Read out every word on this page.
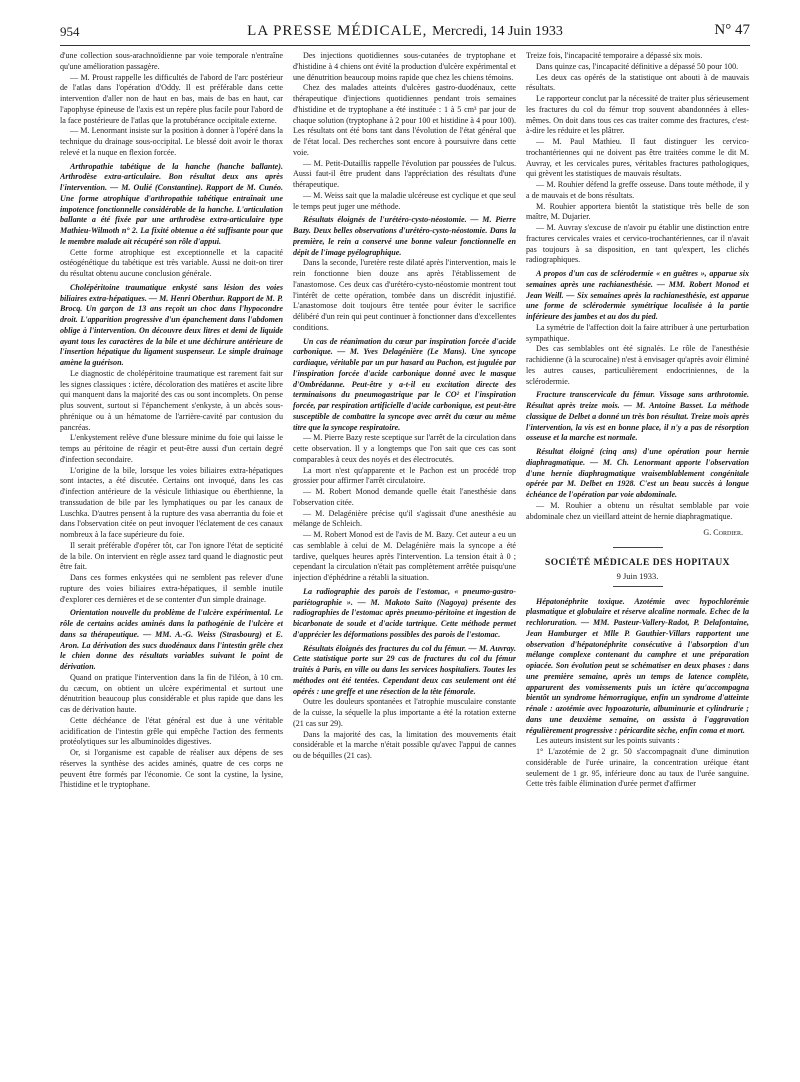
954	LA PRESSE MÉDICALE, Mercredi, 14 Juin 1933	N° 47

d'une collection sous-arachnoïdienne par voie temporale n'entraîne qu'une amélioration passagère.

— M. Proust rappelle les difficultés de l'abord de l'arc postérieur de l'atlas dans l'opération d'Oddy. Il est préférable dans cette intervention d'aller non de haut en bas, mais de bas en haut, car l'apophyse épineuse de l'axis est un repère plus facile pour l'abord de la face postérieure de l'atlas que la protubérance occipitale externe.

— M. Lenormant insiste sur la position à donner à l'opéré dans la technique du drainage sous-occipital. Le blessé doit avoir le thorax relevé et la nuque en flexion forcée.

Arthropathie tabétique de la hanche (hanche ballante). Arthrodèse extra-articulaire. Bon résultat deux ans après l'intervention. — M. Oulié (Constantine). Rapport de M. Cunéo. Une forme atrophique d'arthropathie tabétique entraînait une impotence fonctionnelle considérable de la hanche. L'articulation ballante a été fixée par une arthrodèse extra-articulaire type Mathieu-Wilmoth n° 2. La fixité obtenue a été suffisante pour que le membre malade ait récupéré son rôle d'appui.

Cette forme atrophique est exceptionnelle et la capacité ostéogénétique du tabétique est très variable. Aussi ne doit-on tirer du résultat obtenu aucune conclusion générale.

Cholépéritoine traumatique enkysté sans lésion des voies biliaires extra-hépatiques. — M. Henri Oberthur. Rapport de M. P. Brocq. Un garçon de 13 ans reçoit un choc dans l'hypocondre droit. L'apparition progressive d'un épanchement dans l'abdomen oblige à l'intervention. On découvre deux litres et demi de liquide ayant tous les caractères de la bile et une déchirure antérieure de l'insertion hépatique du ligament suspenseur. Le simple drainage amène la guérison.

Le diagnostic de cholépéritoine traumatique est rarement fait sur les signes classiques : ictère, décoloration des matières et ascite libre qui manquent dans la majorité des cas ou sont incomplets. On pense plus souvent, surtout si l'épanchement s'enkyste, à un abcès sous-phrénique ou à un hématome de l'arrière-cavité par contusion du pancréas.

L'enkystement relève d'une blessure minime du foie qui laisse le temps au péritoine de réagir et peut-être aussi d'un certain degré d'infection secondaire.

L'origine de la bile, lorsque les voies biliaires extra-hépatiques sont intactes, a été discutée. Certains ont invoqué, dans les cas d'infection antérieure de la vésicule lithiasique ou éberthienne, la transsudation de bile par les lymphatiques ou par les canaux de Luschka. D'autres pensent à la rupture des vasa aberrantia du foie et dans l'observation citée on peut invoquer l'éclatement de ces canaux nombreux à la face supérieure du foie.

Il serait préférable d'opérer tôt, car l'on ignore l'état de septicité de la bile. On intervient en règle assez tard quand le diagnostic peut être fait.

Dans ces formes enkystées qui ne semblent pas relever d'une rupture des voies biliaires extra-hépatiques, il semble inutile d'explorer ces dernières et de se contenter d'un simple drainage.

Orientation nouvelle du problème de l'ulcère expérimental. Le rôle de certains acides aminés dans la pathogénie de l'ulcère et dans sa thérapeutique. — MM. A.-G. Weiss (Strasbourg) et E. Aron. La dérivation des sucs duodénaux dans l'intestin grêle chez le chien donne des résultats variables suivant le point de dérivation.

Quand on pratique l'intervention dans la fin de l'iléon, à 10 cm. du cæcum, on obtient un ulcère expérimental et surtout une dénutrition beaucoup plus considérable et plus rapide que dans les cas de dérivation haute.

Cette déchéance de l'état général est due à une véritable acidification de l'intestin grêle qui empêche l'action des ferments protéolytiques sur les albuminoïdes digestives.

Or, si l'organisme est capable de réaliser aux dépens de ses réserves la synthèse des acides aminés, quatre de ces corps ne peuvent être formés par l'économie. Ce sont la cystine, la lysine, l'histidine et le tryptophane.

Des injections quotidiennes sous-cutanées de tryptophane et d'histidine à 4 chiens ont évité la production d'ulcère expérimental et une dénutrition beaucoup moins rapide que chez les chiens témoins.

Chez des malades atteints d'ulcères gastro-duodénaux, cette thérapeutique d'injections quotidiennes pendant trois semaines d'histidine et de tryptophane a été instituée : 1 à 5 cm³ par jour de chaque solution (tryptophane à 2 pour 100 et histidine à 4 pour 100). Les résultats ont été bons tant dans l'évolution de l'état général que de l'état local. Des recherches sont encore à poursuivre dans cette voie.

— M. Petit-Dutaillis rappelle l'évolution par poussées de l'ulcus. Aussi faut-il être prudent dans l'appréciation des résultats d'une thérapeutique.

— M. Weiss sait que la maladie ulcéreuse est cyclique et que seul le temps peut juger une méthode.

Résultats éloignés de l'urétéro-cysto-néostomie. — M. Pierre Bazy. Deux belles observations d'urétéro-cysto-néostomie. Dans la première, le rein a conservé une bonne valeur fonctionnelle en dépit de l'image pyélographique.

Dans la seconde, l'uretère reste dilaté après l'intervention, mais le rein fonctionne bien douze ans après l'établissement de l'anastomose. Ces deux cas d'urétéro-cysto-néostomie montrent tout l'intérêt de cette opération, tombée dans un discrédit injustifié. L'anastomose doit toujours être tentée pour éviter le sacrifice délibéré d'un rein qui peut continuer à fonctionner dans d'excellentes conditions.

Un cas de réanimation du cœur par inspiration forcée d'acide carbonique. — M. Yves Delagénière (Le Mans). Une syncope cardiaque, véritable par un pur hasard au Pachon, est jugulée par l'inspiration forcée d'acide carbonique donné avec le masque d'Ombrédanne. Peut-être y a-t-il eu excitation directe des terminaisons du pneumogastrique par le CO² et l'inspiration forcée, par respiration artificielle d'acide carbonique, est peut-être susceptible de combattre la syncope avec arrêt du cœur au même titre que la syncope respiratoire.

— M. Pierre Bazy reste sceptique sur l'arrêt de la circulation dans cette observation. Il y a longtemps que l'on sait que ces cas sont comparables à ceux des noyés et des électrocutés.

La mort n'est qu'apparente et le Pachon est un procédé trop grossier pour affirmer l'arrêt circulatoire.

— M. Robert Monod demande quelle était l'anesthésie dans l'observation citée.

— M. Delagénière précise qu'il s'agissait d'une anesthésie au mélange de Schleich.

— M. Robert Monod est de l'avis de M. Bazy. Cet auteur a eu un cas semblable à celui de M. Delagénière mais la syncope a été tardive, quelques heures après l'intervention. La tension était à 0 ; cependant la circulation n'était pas complètement arrêtée puisqu'une injection d'éphédrine a rétabli la situation.

La radiographie des parois de l'estomac, « pneumo-gastro-pariétographie ». — M. Makoto Saito (Nagoya) présente des radiographies de l'estomac après pneumo-péritoine et ingestion de bicarbonate de soude et d'acide tartrique. Cette méthode permet d'apprécier les déformations possibles des parois de l'estomac.

Résultats éloignés des fractures du col du fémur. — M. Auvray. Cette statistique porte sur 29 cas de fractures du col du fémur traités à Paris, en ville ou dans les services hospitaliers. Toutes les méthodes ont été tentées. Cependant deux cas seulement ont été opérés : une greffe et une résection de la tête fémorale.

Outre les douleurs spontanées et l'atrophie musculaire constante de la cuisse, la séquelle la plus importante a été la rotation externe (21 cas sur 29).

Dans la majorité des cas, la limitation des mouvements était considérable et la marche n'était possible qu'avec l'appui de cannes ou de béquilles (21 cas).

Treize fois, l'incapacité temporaire a dépassé six mois.

Dans quinze cas, l'incapacité définitive a dépassé 50 pour 100.

Les deux cas opérés de la statistique ont abouti à de mauvais résultats.

Le rapporteur conclut par la nécessité de traiter plus sérieusement les fractures du col du fémur trop souvent abandonnées à elles-mêmes. On doit dans tous ces cas traiter comme des fractures, c'est-à-dire les réduire et les plâtrer.

— M. Paul Mathieu. Il faut distinguer les cervico-trochantériennes qui ne doivent pas être traitées comme le dit M. Auvray, et les cervicales pures, véritables fractures pathologiques, qui grèvent les statistiques de mauvais résultats.

— M. Rouhier défend la greffe osseuse. Dans toute méthode, il y a de mauvais et de bons résultats.

M. Rouhier apportera bientôt la statistique très belle de son maître, M. Dujarier.

— M. Auvray s'excuse de n'avoir pu établir une distinction entre fractures cervicales vraies et cervico-trochantériennes, car il n'avait pas toujours à sa disposition, en tant qu'expert, les clichés radiographiques.

A propos d'un cas de sclérodermie « en guêtres », apparue six semaines après une rachianesthésie. — MM. Robert Monod et Jean Weill. — Six semaines après la rachianesthésie, est apparue une forme de sclérodermie symétrique localisée à la partie inférieure des jambes et au dos du pied.

La symétrie de l'affection doit la faire attribuer à une perturbation sympathique.

Des cas semblables ont été signalés. Le rôle de l'anesthésie rachidienne (à la scurocaïne) n'est à envisager qu'après avoir éliminé les autres causes, particulièrement endocriniennes, de la sclérodermie.

Fracture transcervicale du fémur. Vissage sans arthrotomie. Résultat après treize mois. — M. Antoine Basset. La méthode classique de Delbet a donné un très bon résultat. Treize mois après l'intervention, la vis est en bonne place, il n'y a pas de résorption osseuse et la marche est normale.

Résultat éloigné (cinq ans) d'une opération pour hernie diaphragmatique. — M. Ch. Lenormant apporte l'observation d'une hernie diaphragmatique vraisemblablement congénitale opérée par M. Delbet en 1928. C'est un beau succès à longue échéance de l'opération par voie abdominale.

— M. Rouhier a obtenu un résultat semblable par voie abdominale chez un vieillard atteint de hernie diaphragmatique.

G. Cordier.

SOCIÉTÉ MÉDICALE DES HOPITAUX
9 Juin 1933.

Hépatonéphrite toxique. Azotémie avec hypochlorémie plasmatique et globulaire et réserve alcaline normale. Echec de la rechloruration. — MM. Pasteur-Vallery-Radot, P. Delafontaine, Jean Hamburger et Mlle P. Gauthier-Villars rapportent une observation d'hépatonéphrite consécutive à l'absorption d'un mélange complexe contenant du camphre et une préparation opiacée. Son évolution peut se schématiser en deux phases : dans une première semaine, après un temps de latence complète, apparurent des vomissements puis un ictère qu'accompagna bientôt un syndrome hémorragique, enfin un syndrome d'atteinte rénale : azotémie avec hypoazoturie, albuminurie et cylindrurie ; dans une deuxième semaine, on assista à l'aggravation régulièrement progressive : péricardite sèche, enfin coma et mort.

Les auteurs insistent sur les points suivants :

1° L'azotémie de 2 gr. 50 s'accompagnait d'une diminution considérable de l'urée urinaire, la concentration uréique étant seulement de 1 gr. 95, inférieure donc au taux de l'urée sanguine. Cette très faible élimination d'urée permet d'affirmer
